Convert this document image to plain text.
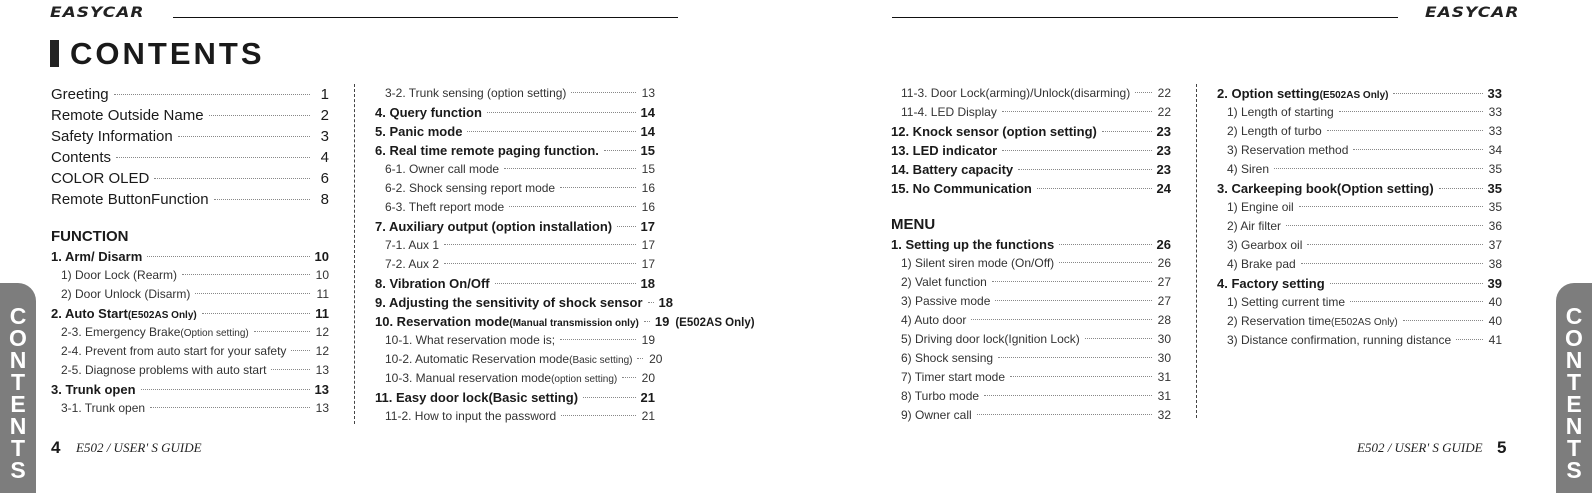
EASYCAR	EASYCAR
CONTENTS
CONTENTS
CONTENTS
Greeting	1
Remote Outside Name	2
Safety Information	3
Contents	4
COLOR OLED	6
Remote ButtonFunction	8
FUNCTION
1. Arm/ Disarm	10
1) Door Lock (Rearm)	10
2) Door Unlock (Disarm)	11
2. Auto Start(E502AS Only)	11
2-3. Emergency Brake(Option setting)	12
2-4. Prevent from auto start for your safety 12
2-5. Diagnose problems with auto start	13
3. Trunk open	13
3-1. Trunk open	13
3-2. Trunk sensing (option setting)	13
4. Query function	14
5. Panic mode	14
6. Real time remote paging function.	15
6-1. Owner call mode	15
6-2. Shock sensing report mode	16
6-3. Theft report mode	16
7. Auxiliary output (option installation) 17
7-1. Aux 1	17
7-2. Aux 2	17
8. Vibration On/Off	18
9. Adjusting the sensitivity of shock sensor 18
10. Reservation mode(Manual transmission only) 19 (E502AS Only)
10-1. What reservation mode is;	19
10-2. Automatic Reservation mode(Basic setting) 20
10-3. Manual reservation mode(option setting) 20
11. Easy door lock(Basic setting)	21
11-2. How to input the password	21
11-3. Door Lock(arming)/Unlock(disarming) 22
11-4. LED Display	22
12. Knock sensor (option setting)	23
13. LED indicator	23
14. Battery capacity	23
15. No Communication	24
MENU
1. Setting up the functions	26
1) Silent siren mode (On/Off)	26
2) Valet function	27
3) Passive mode	27
4) Auto door	28
5) Driving door lock(Ignition Lock)	30
6) Shock sensing	30
7) Timer start mode	31
8) Turbo mode	31
9) Owner call	32
2. Option setting(E502AS Only)	33
1) Length of starting	33
2) Length of turbo	33
3) Reservation method	34
4) Siren	35
3. Carkeeping book(Option setting)	35
1) Engine oil	35
2) Air filter	36
3) Gearbox oil	37
4) Brake pad	38
4. Factory setting	39
1) Setting current time	40
2) Reservation time(E502AS Only)	40
3) Distance confirmation, running distance	41
4 E502 / USER' S GUIDE	E502 / USER' S GUIDE 5
